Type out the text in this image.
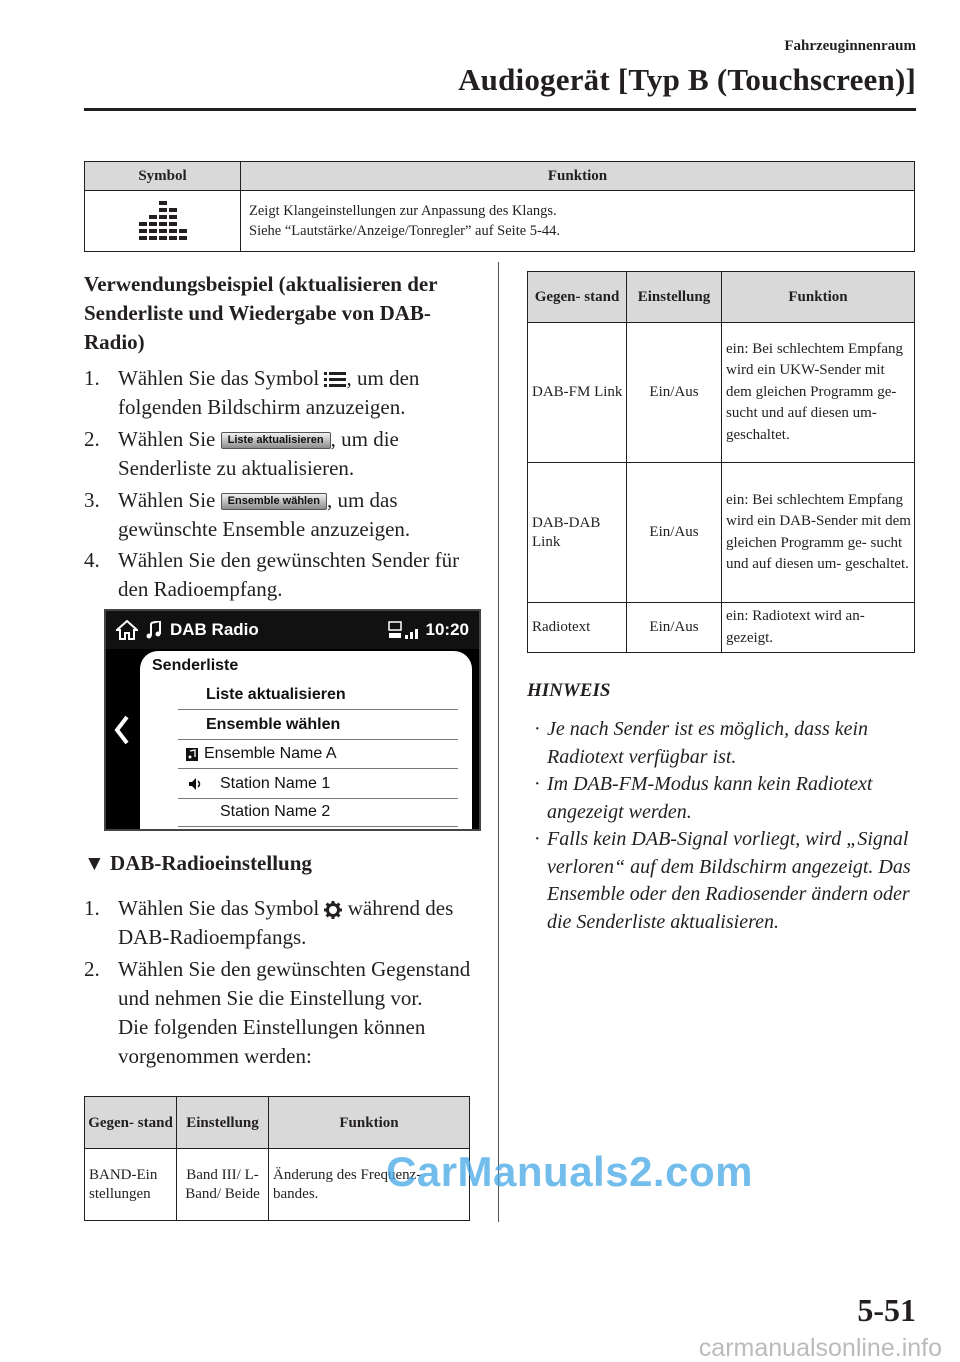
Fahrzeuginnenraum
Audiogerät [Typ B (Touchscreen)]
Symbol	Funktion

Zeigt Klangeinstellungen zur Anpassung des Klangs.
Siehe “Lautstärke/Anzeige/Tonregler” auf Seite 5-44.
Verwendungsbeispiel (aktualisieren der Senderliste und Wiedergabe von DAB-Radio)
1. Wählen Sie das Symbol , um den folgenden Bildschirm anzuzeigen.
2. Wählen Sie Liste aktualisieren , um die Senderliste zu aktualisieren.
3. Wählen Sie Ensemble wählen , um das gewünschte Ensemble anzuzeigen.
4. Wählen Sie den gewünschten Sender für den Radioempfang.
DAB Radio	10:20
Senderliste
Liste aktualisieren
Ensemble wählen
Ensemble Name A
Station Name 1
Station Name 2
▼ DAB-Radioeinstellung
1. Wählen Sie das Symbol während des DAB-Radioempfangs.
2. Wählen Sie den gewünschten Gegenstand und nehmen Sie die Einstellung vor.
Die folgenden Einstellungen können vorgenommen werden:
Gegen- stand	Einstellung	Funktion
BAND-Ein stellungen	Band III/ L-Band/ Beide	Änderung des Frequenz- bandes.
Gegen- stand	Einstellung	Funktion
DAB-FM Link	Ein/Aus	ein: Bei schlechtem Empfang wird ein UKW-Sender mit dem gleichen Programm ge- sucht und auf diesen um- geschaltet.
DAB-DAB Link	Ein/Aus	ein: Bei schlechtem Empfang wird ein DAB-Sender mit dem gleichen Programm ge- sucht und auf diesen um- geschaltet.
Radiotext	Ein/Aus	ein: Radiotext wird an- gezeigt.
HINWEIS
· Je nach Sender ist es möglich, dass kein Radiotext verfügbar ist.
· Im DAB-FM-Modus kann kein Radiotext angezeigt werden.
· Falls kein DAB-Signal vorliegt, wird „Signal verloren“ auf dem Bildschirm angezeigt. Das Ensemble oder den Radiosender ändern oder die Senderliste aktualisieren.
CarManuals2.com
5-51
carmanualsonline.info
